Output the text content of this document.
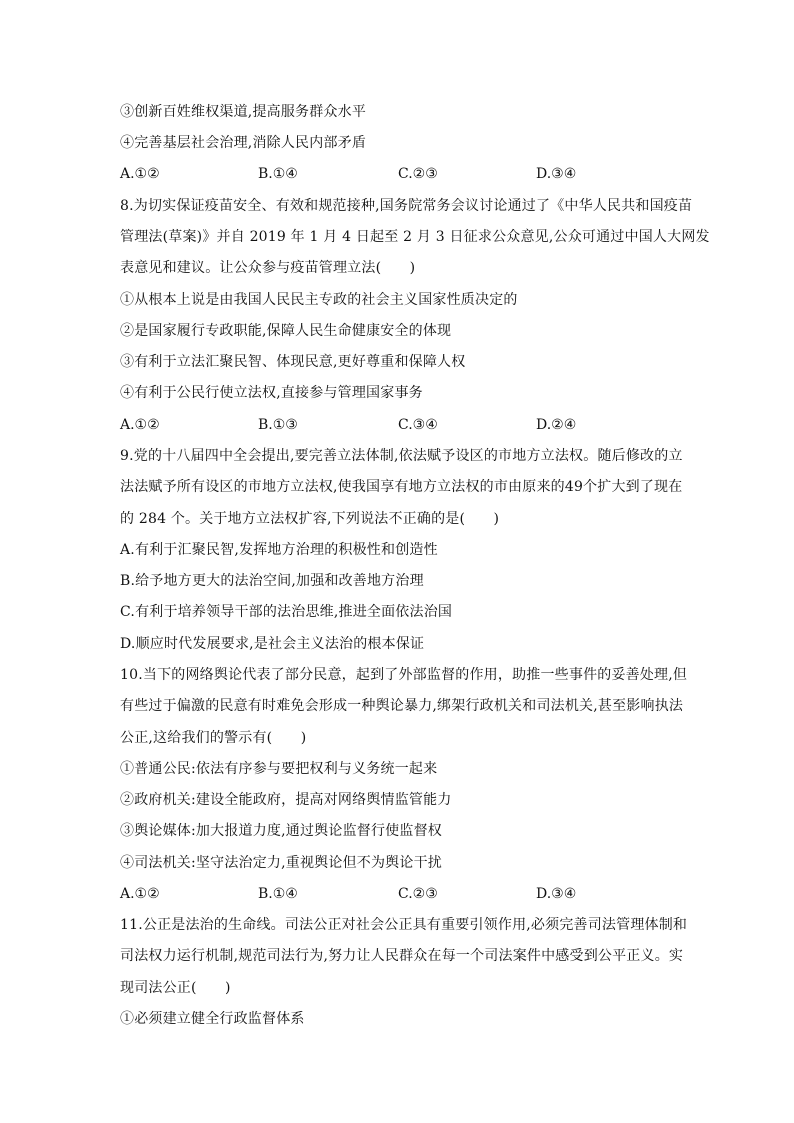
③创新百姓维权渠道,提高服务群众水平
④完善基层社会治理,消除人民内部矛盾
A.①②	B.①④	C.②③	D.③④
8.为切实保证疫苗安全、有效和规范接种,国务院常务会议讨论通过了《中华人民共和国疫苗
管理法(草案)》并自 2019 年 1 月 4 日起至 2 月 3 日征求公众意见,公众可通过中国人大网发
表意见和建议。让公众参与疫苗管理立法(　　)
①从根本上说是由我国人民民主专政的社会主义国家性质决定的
②是国家履行专政职能,保障人民生命健康安全的体现
③有利于立法汇聚民智、体现民意,更好尊重和保障人权
④有利于公民行使立法权,直接参与管理国家事务
A.①②	B.①③	C.③④	D.②④
9.党的十八届四中全会提出,要完善立法体制,依法赋予设区的市地方立法权。随后修改的立
法法赋予所有设区的市地方立法权,使我国享有地方立法权的市由原来的49个扩大到了现在
的 284 个。关于地方立法权扩容,下列说法不正确的是(　　)
A.有利于汇聚民智,发挥地方治理的积极性和创造性
B.给予地方更大的法治空间,加强和改善地方治理
C.有利于培养领导干部的法治思维,推进全面依法治国
D.顺应时代发展要求,是社会主义法治的根本保证
10.当下的网络舆论代表了部分民意，起到了外部监督的作用，助推一些事件的妥善处理,但
有些过于偏激的民意有时难免会形成一种舆论暴力,绑架行政机关和司法机关,甚至影响执法
公正,这给我们的警示有(　　)
①普通公民:依法有序参与要把权利与义务统一起来
②政府机关:建设全能政府，提高对网络舆情监管能力
③舆论媒体:加大报道力度,通过舆论监督行使监督权
④司法机关:坚守法治定力,重视舆论但不为舆论干扰
A.①②	B.①④	C.②③	D.③④
11.公正是法治的生命线。司法公正对社会公正具有重要引领作用,必须完善司法管理体制和
司法权力运行机制,规范司法行为,努力让人民群众在每一个司法案件中感受到公平正义。实
现司法公正(　　)
①必须建立健全行政监督体系
